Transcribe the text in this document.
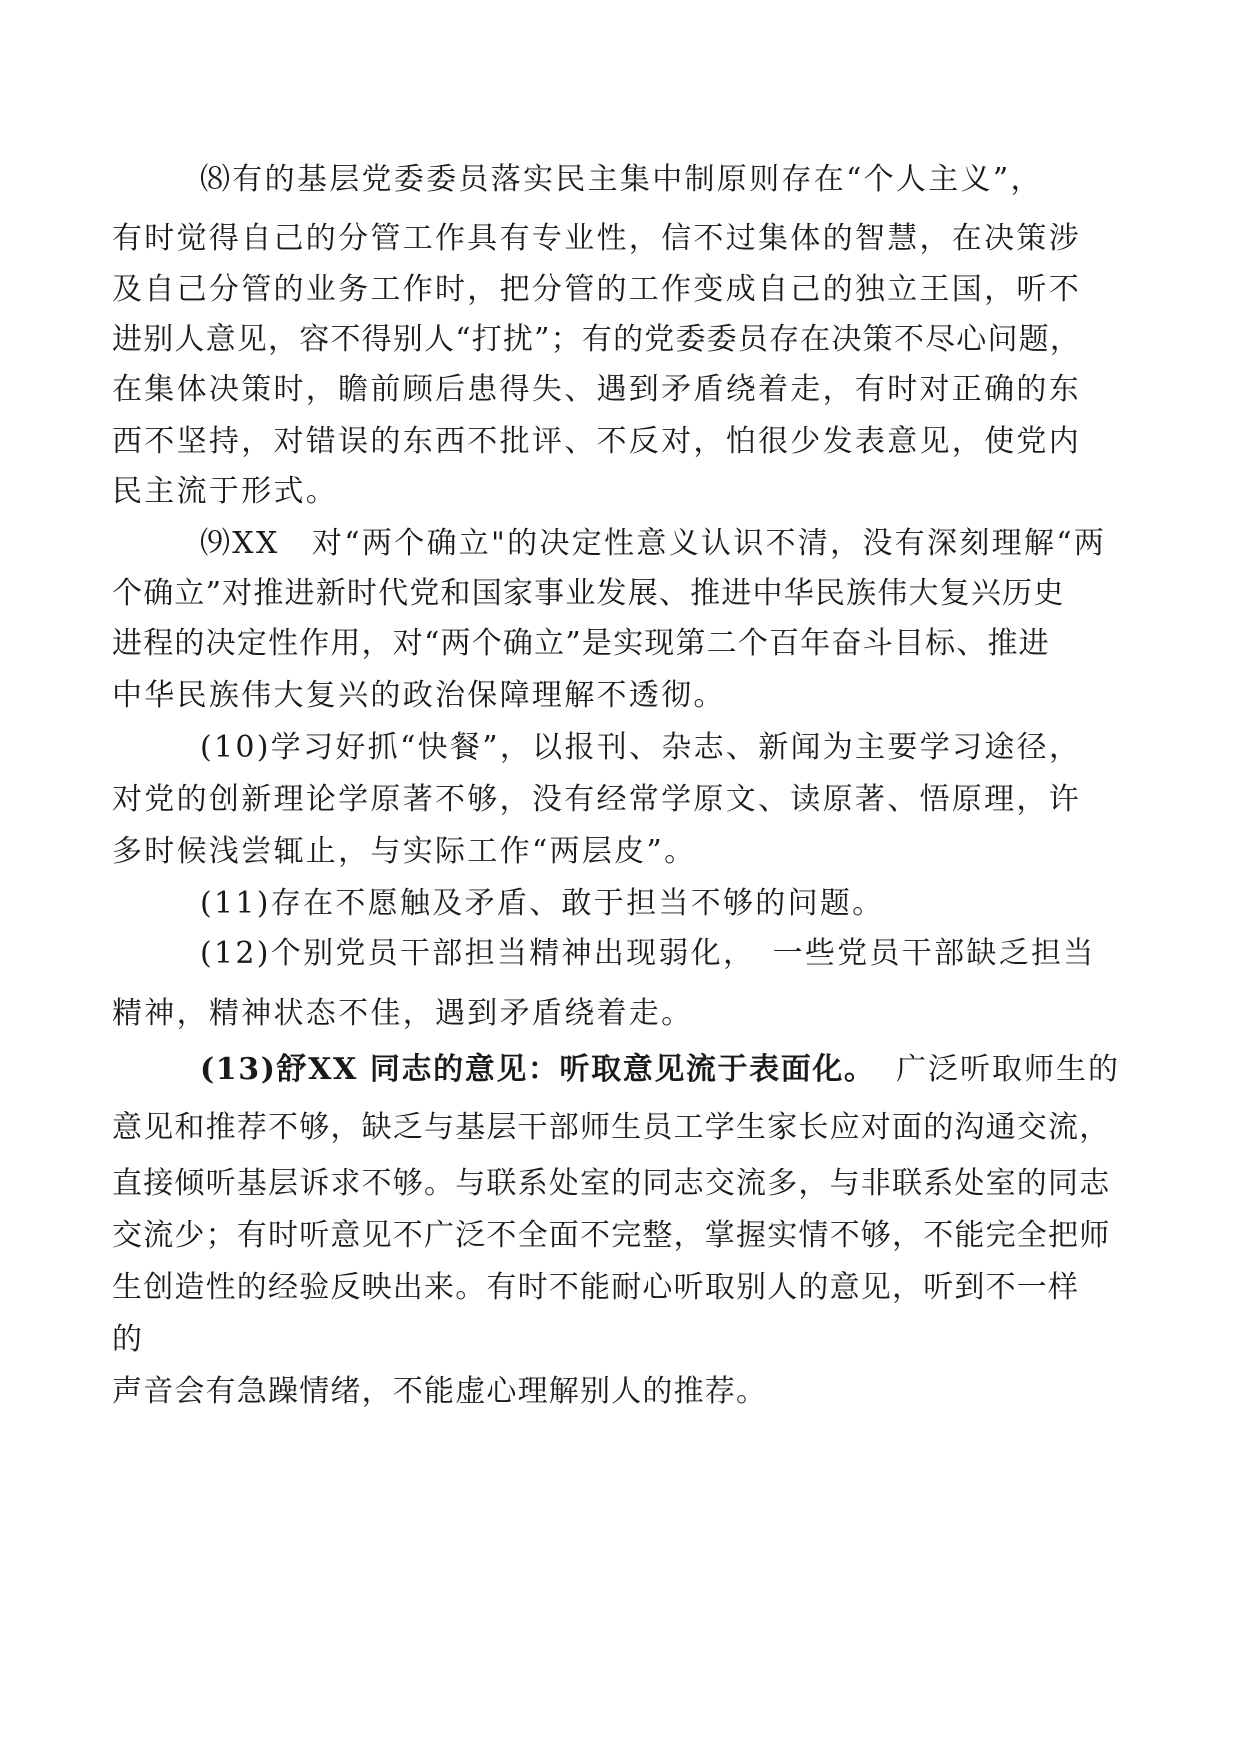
⑻有的基层党委委员落实民主集中制原则存在“个人主义”，
有时觉得自己的分管工作具有专业性，信不过集体的智慧，在决策涉
及自己分管的业务工作时，把分管的工作变成自己的独立王国，听不
进别人意见，容不得别人“打扰”；有的党委委员存在决策不尽心问题，
在集体决策时，瞻前顾后患得失、遇到矛盾绕着走，有时对正确的东
西不坚持，对错误的东西不批评、不反对，怕很少发表意见，使党内
民主流于形式。
⑼XX　对“两个确立"的决定性意义认识不清，没有深刻理解“两
个确立”对推进新时代党和国家事业发展、推进中华民族伟大复兴历史
进程的决定性作用，对“两个确立”是实现第二个百年奋斗目标、推进
中华民族伟大复兴的政治保障理解不透彻。
(10)学习好抓“快餐”，以报刊、杂志、新闻为主要学习途径，
对党的创新理论学原著不够，没有经常学原文、读原著、悟原理，许
多时候浅尝辄止，与实际工作“两层皮”。
(11)存在不愿触及矛盾、敢于担当不够的问题。
(12)个别党员干部担当精神出现弱化，　一些党员干部缺乏担当
精神，精神状态不佳，遇到矛盾绕着走。
(13)舒XX 同志的意见：听取意见流于表面化。 广泛听取师生的
意见和推荐不够，缺乏与基层干部师生员工学生家长应对面的沟通交流，
直接倾听基层诉求不够。与联系处室的同志交流多，与非联系处室的同志
交流少；有时听意见不广泛不全面不完整，掌握实情不够，不能完全把师
生创造性的经验反映出来。有时不能耐心听取别人的意见，听到不一样
的
声音会有急躁情绪，不能虚心理解别人的推荐。
